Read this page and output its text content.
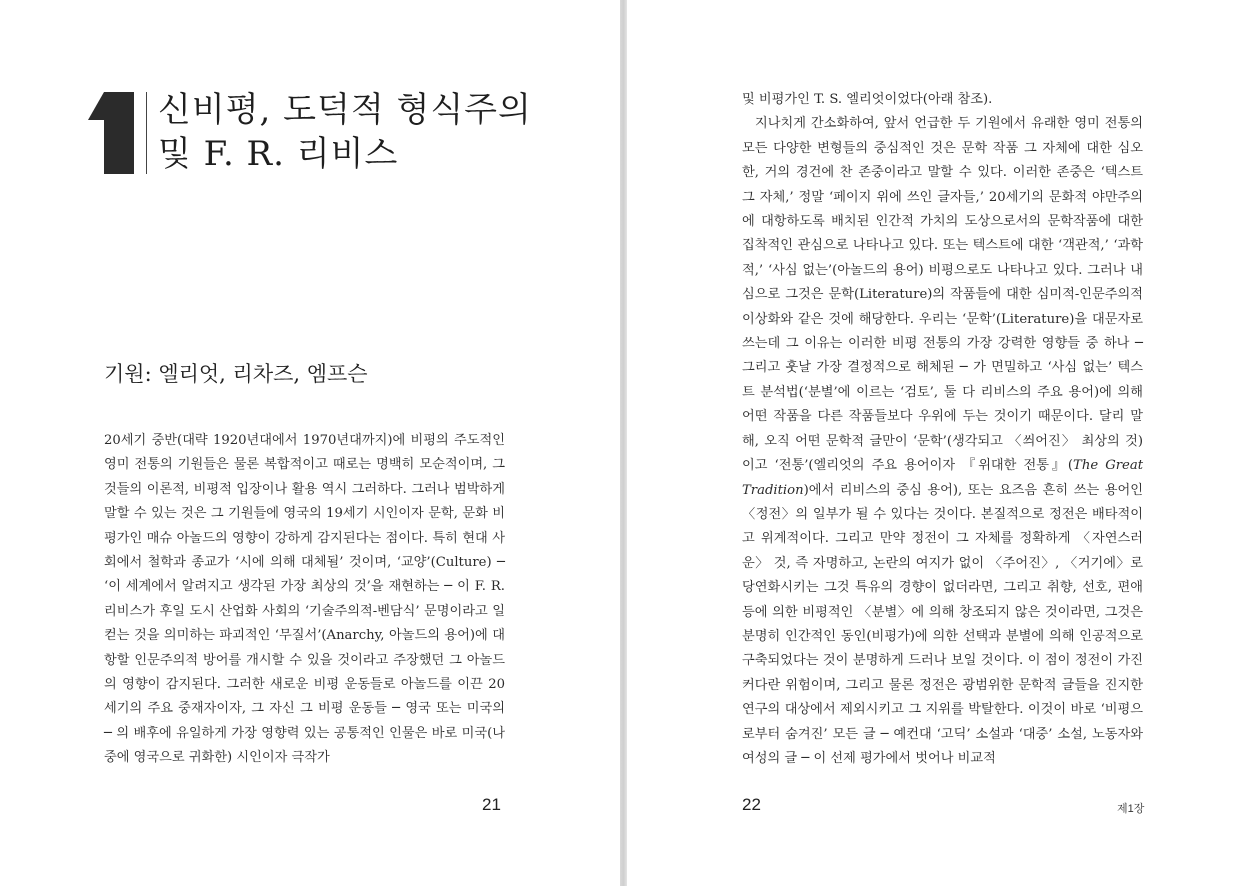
신비평, 도덕적 형식주의
및 F. R. 리비스
기원: 엘리엇, 리차즈, 엠프슨

20세기 중반(대략 1920년대에서 1970년대까지)에 비평의 주도적인 영미 전통의 기원들은 물론 복합적이고 때로는 명백히 모순적이며, 그것들의 이론적, 비평적 입장이나 활용 역시 그러하다. 그러나 범박하게 말할 수 있는 것은 그 기원들에 영국의 19세기 시인이자 문학, 문화 비평가인 매슈 아놀드의 영향이 강하게 감지된다는 점이다. 특히 현대 사회에서 철학과 종교가 ‘시에 의해 대체될’ 것이며, ‘교양’(Culture) ─ ‘이 세계에서 알려지고 생각된 가장 최상의 것’을 재현하는 ─ 이 F. R. 리비스가 후일 도시 산업화 사회의 ‘기술주의적-벤담식’ 문명이라고 일컫는 것을 의미하는 파괴적인 ‘무질서’(Anarchy, 아놀드의 용어)에 대항할 인문주의적 방어를 개시할 수 있을 것이라고 주장했던 그 아놀드의 영향이 감지된다. 그러한 새로운 비평 운동들로 아놀드를 이끈 20세기의 주요 중재자이자, 그 자신 그 비평 운동들 ─ 영국 또는 미국의 ─ 의 배후에 유일하게 가장 영향력 있는 공통적인 인물은 바로 미국(나중에 영국으로 귀화한) 시인이자 극작가

21

및 비평가인 T. S. 엘리엇이었다(아래 참조).

지나치게 간소화하여, 앞서 언급한 두 기원에서 유래한 영미 전통의 모든 다양한 변형들의 중심적인 것은 문학 작품 그 자체에 대한 심오한, 거의 경건에 찬 존중이라고 말할 수 있다. 이러한 존중은 ‘텍스트 그 자체,’ 정말 ‘페이지 위에 쓰인 글자들,’ 20세기의 문화적 야만주의에 대항하도록 배치된 인간적 가치의 도상으로서의 문학작품에 대한 집착적인 관심으로 나타나고 있다. 또는 텍스트에 대한 ‘객관적,’ ‘과학적,’ ‘사심 없는’(아놀드의 용어) 비평으로도 나타나고 있다. 그러나 내심으로 그것은 문학(Literature)의 작품들에 대한 심미적-인문주의적 이상화와 같은 것에 해당한다. 우리는 ‘문학’(Literature)을 대문자로 쓰는데 그 이유는 이러한 비평 전통의 가장 강력한 영향들 중 하나 ─ 그리고 훗날 가장 결정적으로 해체된 ─ 가 면밀하고 ‘사심 없는’ 텍스트 분석법(‘분별’에 이르는 ‘검토’, 둘 다 리비스의 주요 용어)에 의해 어떤 작품을 다른 작품들보다 우위에 두는 것이기 때문이다. 달리 말해, 오직 어떤 문학적 글만이 ‘문학’(생각되고 〈씌어진〉 최상의 것)이고 ‘전통’(엘리엇의 주요 용어이자 『위대한 전통』(The Great Tradition)에서 리비스의 중심 용어), 또는 요즈음 흔히 쓰는 용어인 〈정전〉의 일부가 될 수 있다는 것이다. 본질적으로 정전은 배타적이고 위계적이다. 그리고 만약 정전이 그 자체를 정확하게 〈자연스러운〉 것, 즉 자명하고, 논란의 여지가 없이 〈주어진〉, 〈거기에〉로 당연화시키는 그것 특유의 경향이 없더라면, 그리고 취향, 선호, 편애 등에 의한 비평적인 〈분별〉에 의해 창조되지 않은 것이라면, 그것은 분명히 인간적인 동인(비평가)에 의한 선택과 분별에 의해 인공적으로 구축되었다는 것이 분명하게 드러나 보일 것이다. 이 점이 정전이 가진 커다란 위험이며, 그리고 물론 정전은 광범위한 문학적 글들을 진지한 연구의 대상에서 제외시키고 그 지위를 박탈한다. 이것이 바로 ‘비평으로부터 숨겨진’ 모든 글 ─ 예컨대 ‘고딕’ 소설과 ‘대중’ 소설, 노동자와 여성의 글 ─ 이 선제 평가에서 벗어나 비교적

22	제1장
